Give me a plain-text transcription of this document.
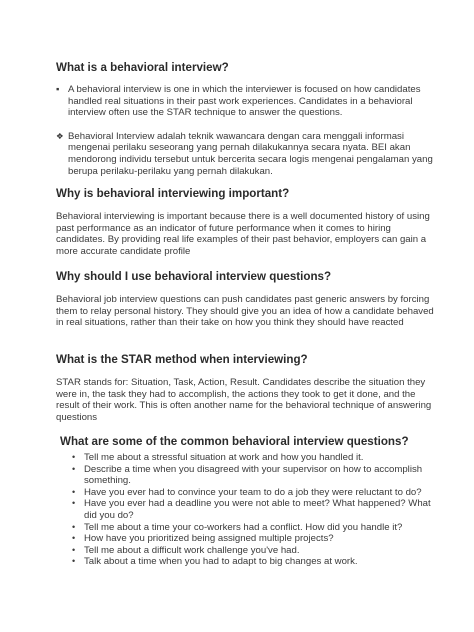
What is a behavioral interview?
▪ A behavioral interview is one in which the interviewer is focused on how candidates handled real situations in their past work experiences. Candidates in a behavioral interview often use the STAR technique to answer the questions.
❖ Behavioral Interview adalah teknik wawancara dengan cara menggali informasi mengenai perilaku seseorang yang pernah dilakukannya secara nyata. BEI akan mendorong individu tersebut untuk bercerita secara logis mengenai pengalaman yang berupa perilaku-perilaku yang pernah dilakukan.
Why is behavioral interviewing important?

Behavioral interviewing is important because there is a well documented history of using past performance as an indicator of future performance when it comes to hiring candidates. By providing real life examples of their past behavior, employers can gain a more accurate candidate profile

Why should I use behavioral interview questions?

Behavioral job interview questions can push candidates past generic answers by forcing them to relay personal history. They should give you an idea of how a candidate behaved in real situations, rather than their take on how you think they should have reacted

What is the STAR method when interviewing?

STAR stands for: Situation, Task, Action, Result. Candidates describe the situation they were in, the task they had to accomplish, the actions they took to get it done, and the result of their work. This is often another name for the behavioral technique of answering questions

What are some of the common behavioral interview questions?
• Tell me about a stressful situation at work and how you handled it.
• Describe a time when you disagreed with your supervisor on how to accomplish something.
• Have you ever had to convince your team to do a job they were reluctant to do?
• Have you ever had a deadline you were not able to meet? What happened? What did you do?
• Tell me about a time your co-workers had a conflict. How did you handle it?
• How have you prioritized being assigned multiple projects?
• Tell me about a difficult work challenge you've had.
• Talk about a time when you had to adapt to big changes at work.
